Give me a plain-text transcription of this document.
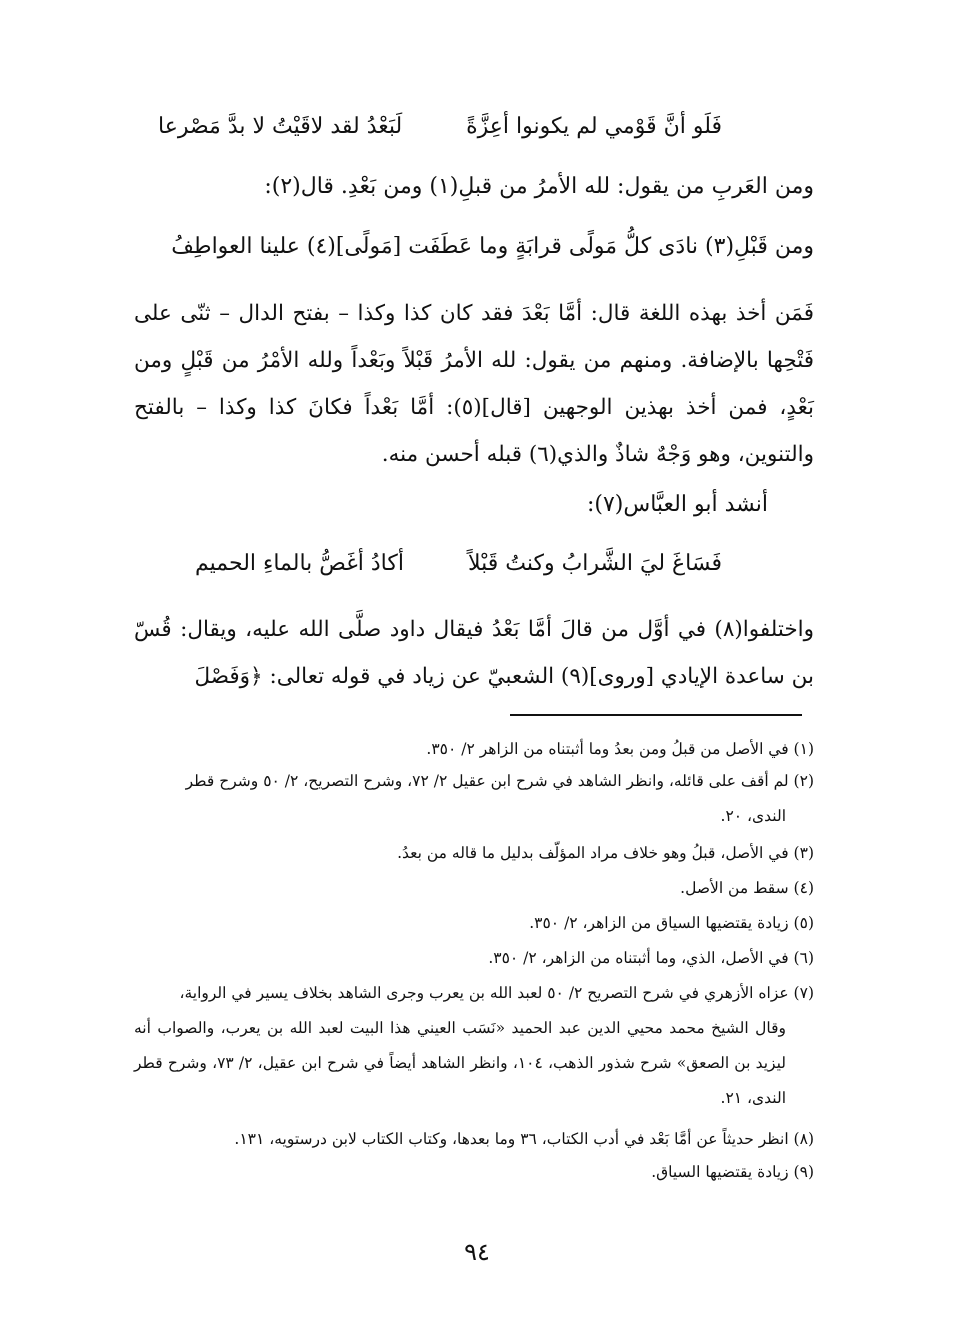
فَلَو أنَّ قَوْمي لم يكونوا أعِزَّةً
لَبَعْدُ لقد لاقَيْتُ لا بدَّ مَصْرعا
ومن العَربِ من يقول: لله الأمرُ من قبلِ(١) ومن بَعْدِ. قال(٢):
ومن قَبْلِ(٣) نادَى كلُّ مَولًى قرابَةٍ وما عَطَفَت [مَولًى](٤) علينا العواطِفُ
فَمَن أخذ بهذه اللغة قال: أمَّا بَعْدَ فقد كان كذا وكذا – بفتح الدال – ثنّى على فَتْحِها بالإضافة. ومنهم من يقول: لله الأمرُ قَبْلاً وبَعْداً ولله الأمْرُ من قَبْلٍ ومن بَعْدٍ، فمن أخذ بهذين الوجهين [قال](٥): أمَّا بَعْداً فكانَ كذا وكذا – بالفتح والتنوين، وهو وَجْهٌ شاذٌ والذي(٦) قبله أحسن منه.
أنشد أبو العبَّاس(٧):
فَسَاغَ ليَ الشَّرابُ وكنتُ قَبْلاً
أكادُ أغَصُّ بالماءِ الحميم
واختلفوا(٨) في أوَّل من قالَ أمَّا بَعْدُ فيقال داود صلَّى الله عليه، ويقال: قُسّ بن ساعدة الإيادي [وروى](٩) الشعبيّ عن زياد في قوله تعالى: ﴿وَفَصْلَ
(١) في الأصل من قبلُ ومن بعدُ وما أثبتناه من الزاهر ٢/ ٣٥٠.
(٢) لم أقف على قائله، وانظر الشاهد في شرح ابن عقيل ٢/ ٧٢، وشرح التصريح، ٢/ ٥٠ وشرح قطر
الندى، ٢٠.
(٣) في الأصل، قبلُ وهو خلاف مراد المؤلّف بدليل ما قاله من بعدُ.
(٤) سقط من الأصل.
(٥) زيادة يقتضيها السياق من الزاهر، ٢/ ٣٥٠.
(٦) في الأصل، الذي، وما أثبتناه من الزاهر، ٢/ ٣٥٠.
(٧) عزاه الأزهري في شرح التصريح ٢/ ٥٠ لعبد الله بن يعرب وجرى الشاهد بخلاف يسير في الرواية،
وقال الشيخ محمد محيي الدين عبد الحميد «نَسَب العيني هذا البيت لعبد الله بن يعرب، والصواب أنه ليزيد بن الصعق» شرح شذور الذهب، ١٠٤، وانظر الشاهد أيضاً في شرح ابن عقيل، ٢/ ٧٣، وشرح قطر الندى، ٢١.
(٨) انظر حديثاً عن أمَّا بَعْد في أدب الكتاب، ٣٦ وما بعدها، وكتاب الكتاب لابن درستويه، ١٣١.
(٩) زيادة يقتضيها السياق.
٩٤
